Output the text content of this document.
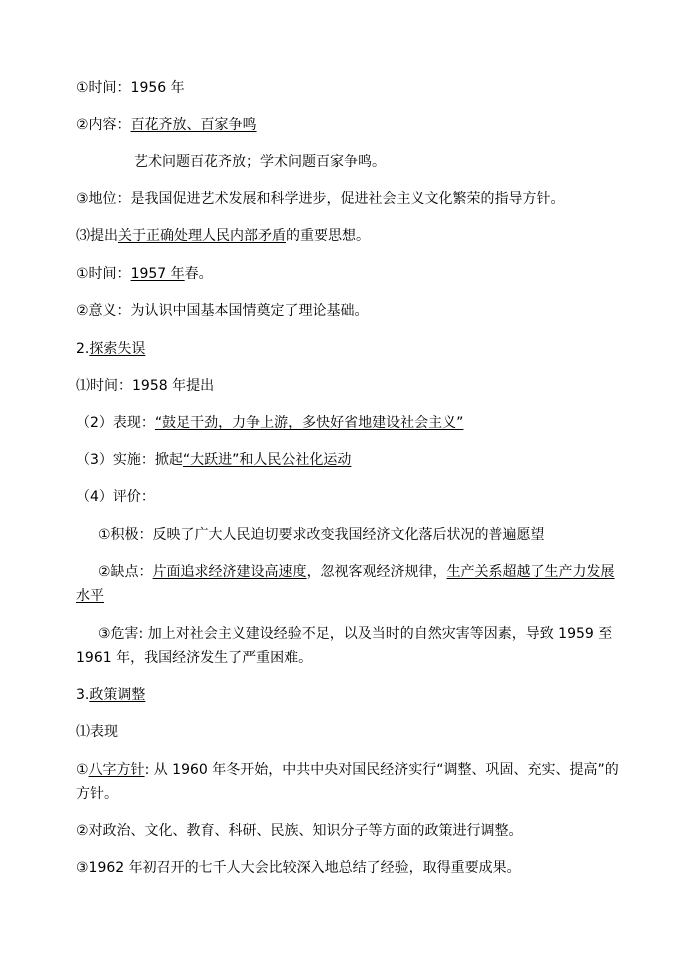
①时间：1956 年
②内容：百花齐放、百家争鸣
艺术问题百花齐放；学术问题百家争鸣。
③地位：是我国促进艺术发展和科学进步，促进社会主义文化繁荣的指导方针。
⑶提出关于正确处理人民内部矛盾的重要思想。
①时间：1957 年春。
②意义：为认识中国基本国情奠定了理论基础。
2.探索失误
⑴时间：1958 年提出
（2）表现：“鼓足干劲，力争上游，多快好省地建设社会主义”
（3）实施：掀起“大跃进”和人民公社化运动
（4）评价：
①积极：反映了广大人民迫切要求改变我国经济文化落后状况的普遍愿望
②缺点：片面追求经济建设高速度，忽视客观经济规律，生产关系超越了生产力发展
水平
③危害: 加上对社会主义建设经验不足，以及当时的自然灾害等因素，导致 1959 至
1961 年，我国经济发生了严重困难。
3.政策调整
⑴表现
①八字方针: 从 1960 年冬开始，中共中央对国民经济实行“调整、巩固、充实、提高”的
方针。
②对政治、文化、教育、科研、民族、知识分子等方面的政策进行调整。
③1962 年初召开的七千人大会比较深入地总结了经验，取得重要成果。
